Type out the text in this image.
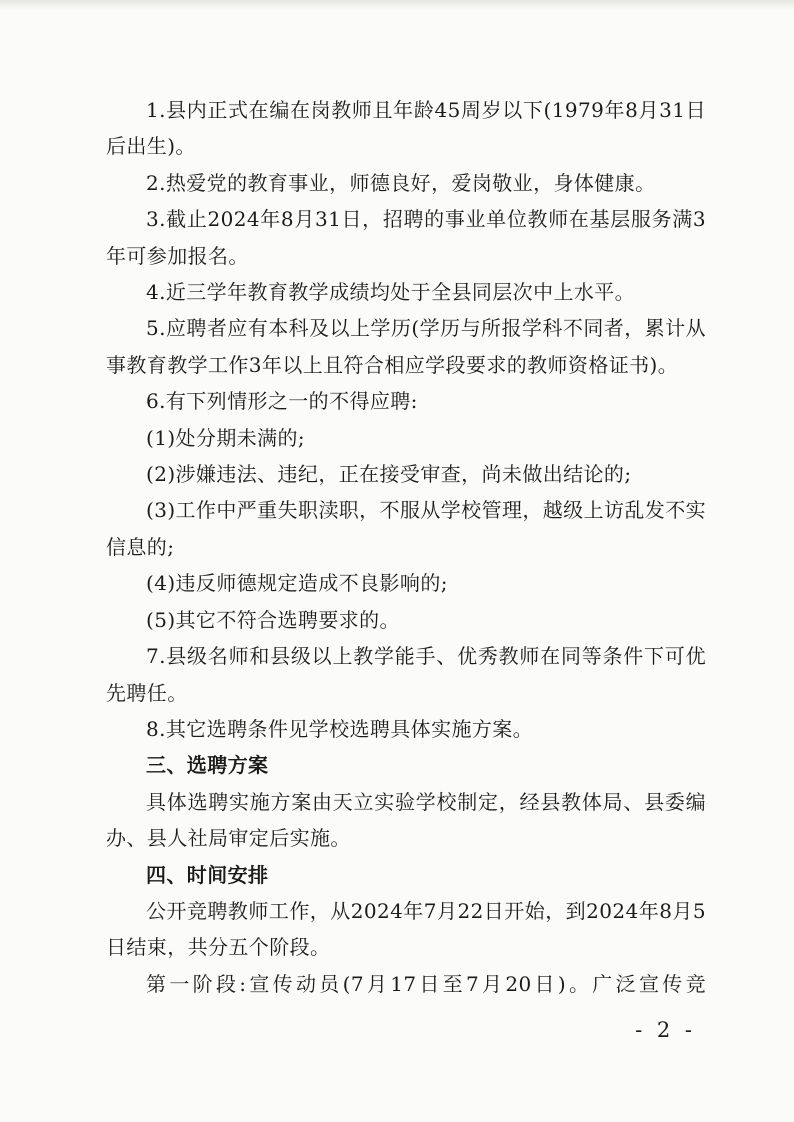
1.县内正式在编在岗教师且年龄45周岁以下(1979年8月31日后出生)。

2.热爱党的教育事业，师德良好，爱岗敬业，身体健康。

3.截止2024年8月31日，招聘的事业单位教师在基层服务满3年可参加报名。

4.近三学年教育教学成绩均处于全县同层次中上水平。

5.应聘者应有本科及以上学历(学历与所报学科不同者，累计从事教育教学工作3年以上且符合相应学段要求的教师资格证书)。

6.有下列情形之一的不得应聘:

(1)处分期未满的;

(2)涉嫌违法、违纪，正在接受审查，尚未做出结论的;

(3)工作中严重失职渎职，不服从学校管理，越级上访乱发不实信息的;

(4)违反师德规定造成不良影响的;

(5)其它不符合选聘要求的。

7.县级名师和县级以上教学能手、优秀教师在同等条件下可优先聘任。

8.其它选聘条件见学校选聘具体实施方案。

三、选聘方案

具体选聘实施方案由天立实验学校制定，经县教体局、县委编办、县人社局审定后实施。

四、时间安排

公开竞聘教师工作，从2024年7月22日开始，到2024年8月5日结束，共分五个阶段。

第一阶段:宣传动员(7月17日至7月20日)。广泛宣传竞

- 2 -
